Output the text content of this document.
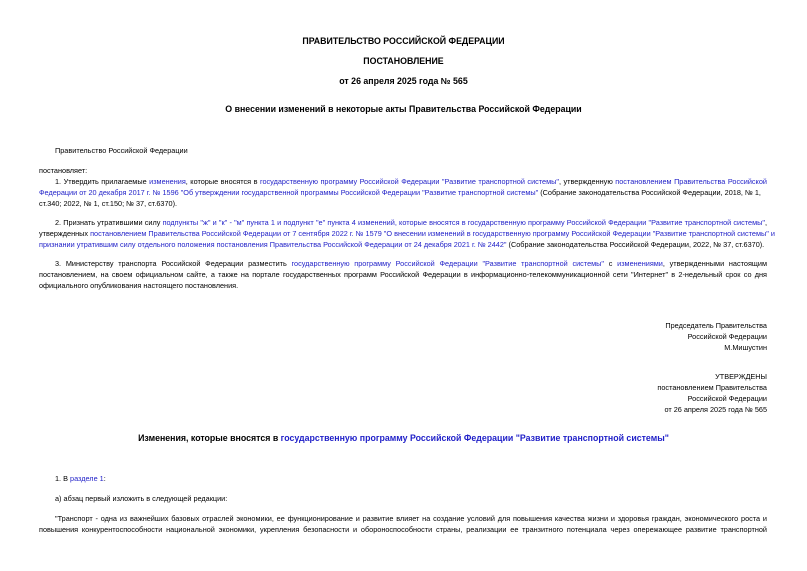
ПРАВИТЕЛЬСТВО РОССИЙСКОЙ ФЕДЕРАЦИИ
ПОСТАНОВЛЕНИЕ
от 26 апреля 2025 года № 565
О внесении изменений в некоторые акты Правительства Российской Федерации
Правительство Российской Федерации
постановляет:
1. Утвердить прилагаемые изменения, которые вносятся в государственную программу Российской Федерации "Развитие транспортной системы", утвержденную постановлением Правительства Российской
Федерации от 20 декабря 2017 г. № 1596 "Об утверждении государственной программы Российской Федерации "Развитие транспортной системы" (Собрание законодательства Российской Федерации, 2018, № 1,
ст.340; 2022, № 1, ст.150; № 37, ст.6370).
2. Признать утратившими силу подпункты "ж" и "к" - "м" пункта 1 и подпункт "е" пункта 4 изменений, которые вносятся в государственную программу Российской Федерации "Развитие транспортной системы",
утвержденных постановлением Правительства Российской Федерации от 7 сентября 2022 г. № 1579 "О внесении изменений в государственную программу Российской Федерации "Развитие транспортной системы" и
признании утратившим силу отдельного положения постановления Правительства Российской Федерации от 24 декабря 2021 г. № 2442" (Собрание законодательства Российской Федерации, 2022, № 37, ст.6370).
3. Министерству транспорта Российской Федерации разместить государственную программу Российской Федерации "Развитие транспортной системы" с изменениями, утвержденными настоящим
постановлением, на своем официальном сайте, а также на портале государственных программ Российской Федерации в информационно-телекоммуникационной сети "Интернет" в 2-недельный срок со дня
официального опубликования настоящего постановления.
Председатель Правительства
Российской Федерации
М.Мишустин
УТВЕРЖДЕНЫ
постановлением Правительства
Российской Федерации
от 26 апреля 2025 года № 565
Изменения, которые вносятся в государственную программу Российской Федерации "Развитие транспортной системы"
1. В разделе 1:
а) абзац первый изложить в следующей редакции:
"Транспорт - одна из важнейших базовых отраслей экономики, ее функционирование и развитие влияет на создание условий для повышения качества жизни и здоровья граждан, экономического роста и
повышения конкурентоспособности национальной экономики, укрепления безопасности и обороноспособности страны, реализации ее транзитного потенциала через опережающее развитие транспортной
